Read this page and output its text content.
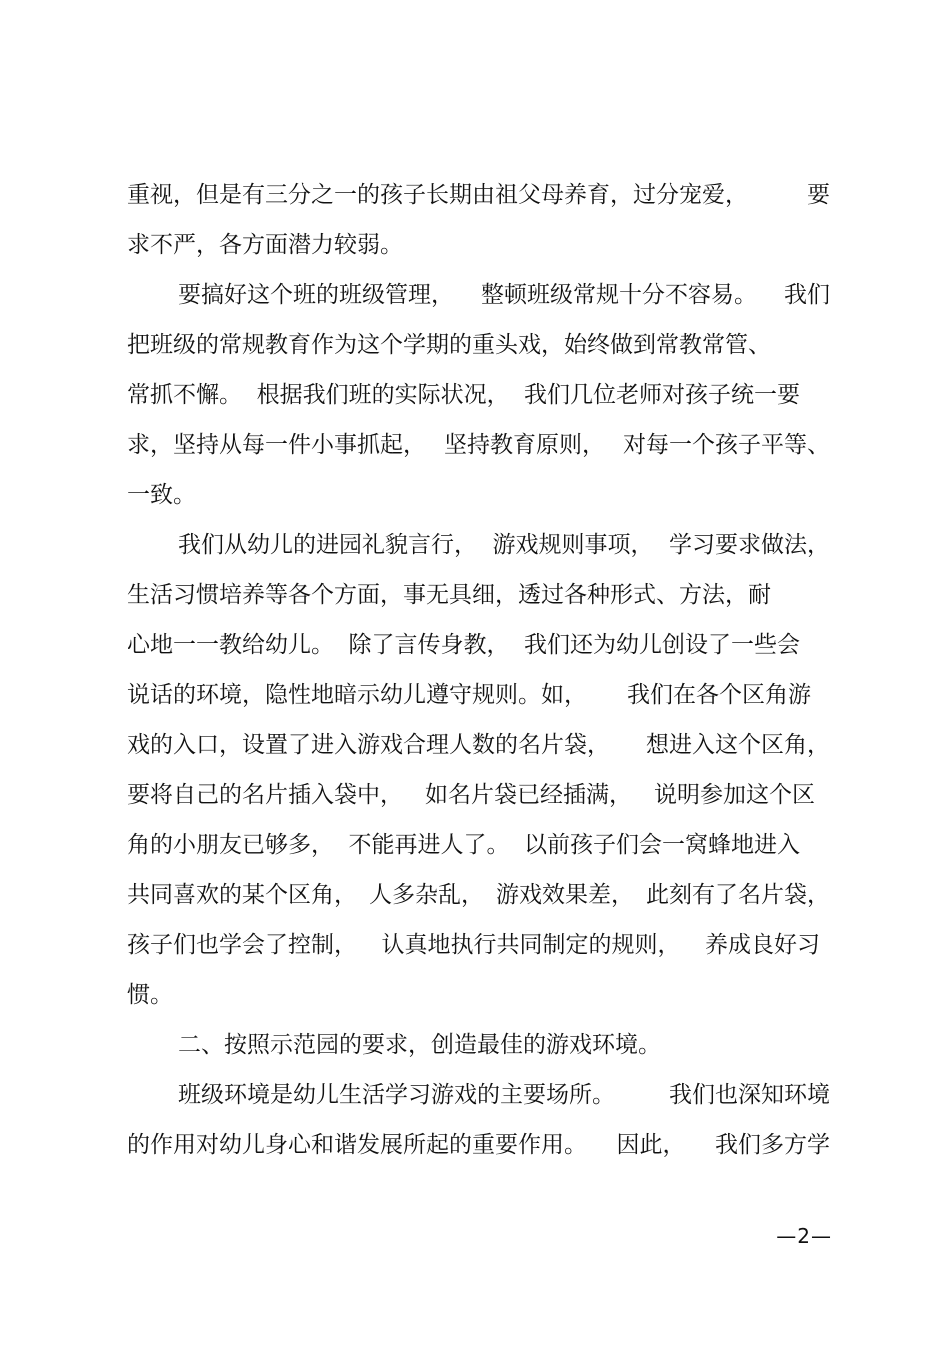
重视，但是有三分之一的孩子长期由祖父母养育，过分宠爱，	要
求不严，各方面潜力较弱。
要搞好这个班的班级管理， 整顿班级常规十分不容易。 我们
把班级的常规教育作为这个学期的重头戏，始终做到常教常管、
常抓不懈。  根据我们班的实际状况， 我们几位老师对孩子统一要
求，坚持从每一件小事抓起， 坚持教育原则， 对每一个孩子平等、
一致。
我们从幼儿的进园礼貌言行， 游戏规则事项， 学习要求做法，
生活习惯培养等各个方面，事无具细，透过各种形式、方法，耐
心地一一教给幼儿。 除了言传身教， 我们还为幼儿创设了一些会
说话的环境，隐性地暗示幼儿遵守规则。如， 我们在各个区角游
戏的入口，设置了进入游戏合理人数的名片袋， 想进入这个区角，
要将自己的名片插入袋中， 如名片袋已经插满， 说明参加这个区
角的小朋友已够多， 不能再进人了。 以前孩子们会一窝蜂地进入
共同喜欢的某个区角， 人多杂乱， 游戏效果差， 此刻有了名片袋，
孩子们也学会了控制， 认真地执行共同制定的规则， 养成良好习
惯。
二、按照示范园的要求，创造最佳的游戏环境。
班级环境是幼儿生活学习游戏的主要场所。 我们也深知环境
的作用对幼儿身心和谐发展所起的重要作用。 因此， 我们多方学
—2—
